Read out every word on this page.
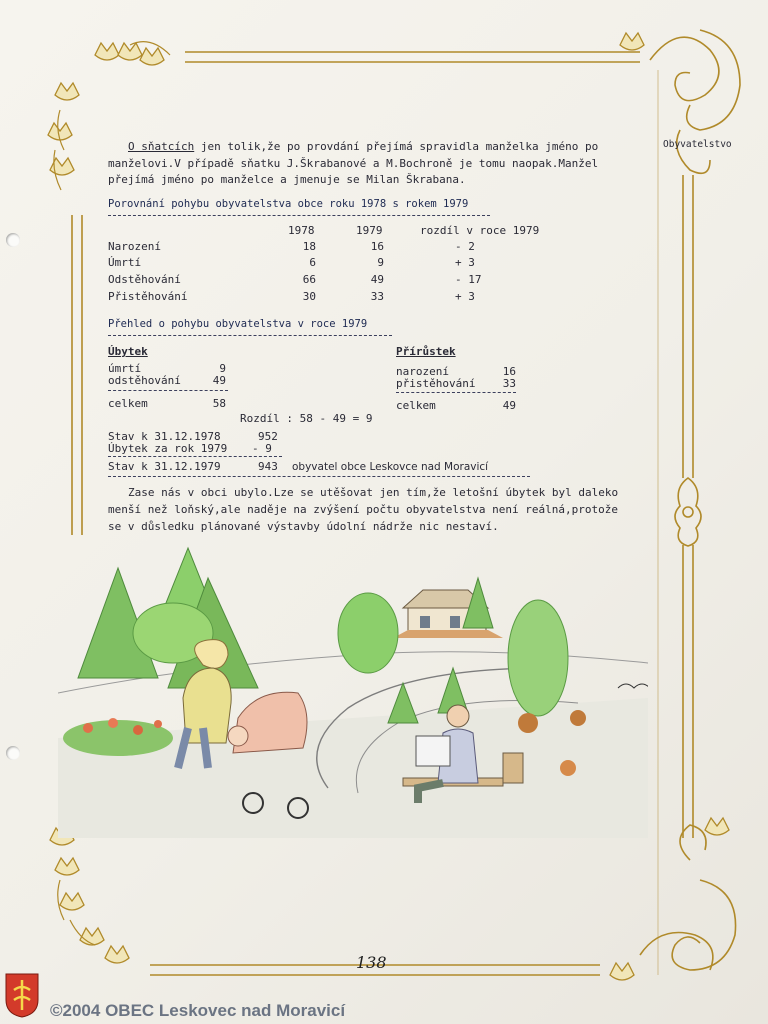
Obyvatelstvo
O sňatcích jen tolik,že po provdání přejímá spravidla manželka jméno po
manželovi.V případě sňatku J.Škrabanové a M.Bochroně je tomu naopak.Manžel
přejímá jméno po manželce a jmenuje se Milan Škrabana.
Porovnání pohybu obyvatelstva obce roku 1978 s rokem 1979
1978	1979	rozdíl v roce 1979
Narození	18	16	- 2
Úmrtí	6	9	+ 3
Odstěhování	66	49	- 17
Přistěhování	30	33	+ 3
Přehled o pohybu obyvatelstva v roce 1979
Úbytek
úmrtí	9
odstěhování	49
celkem	58
Přírůstek
narození	16
přistěhování	33
celkem	49
Rozdíl : 58 - 49 = 9
Stav k 31.12.1978	952
Úbytek za rok 1979 - 9
Stav k 31.12.1979	943 obyvatel obce Leskovce nad Moravicí
Zase nás v obci ubylo.Lze se utěšovat jen tím,že letošní úbytek byl daleko
menší než loňský,ale naděje na zvýšení počtu obyvatelstva není reálná,protože
se v důsledku plánované výstavby údolní nádrže nic nestaví.
138
©2004 OBEC Leskovec nad Moravicí
